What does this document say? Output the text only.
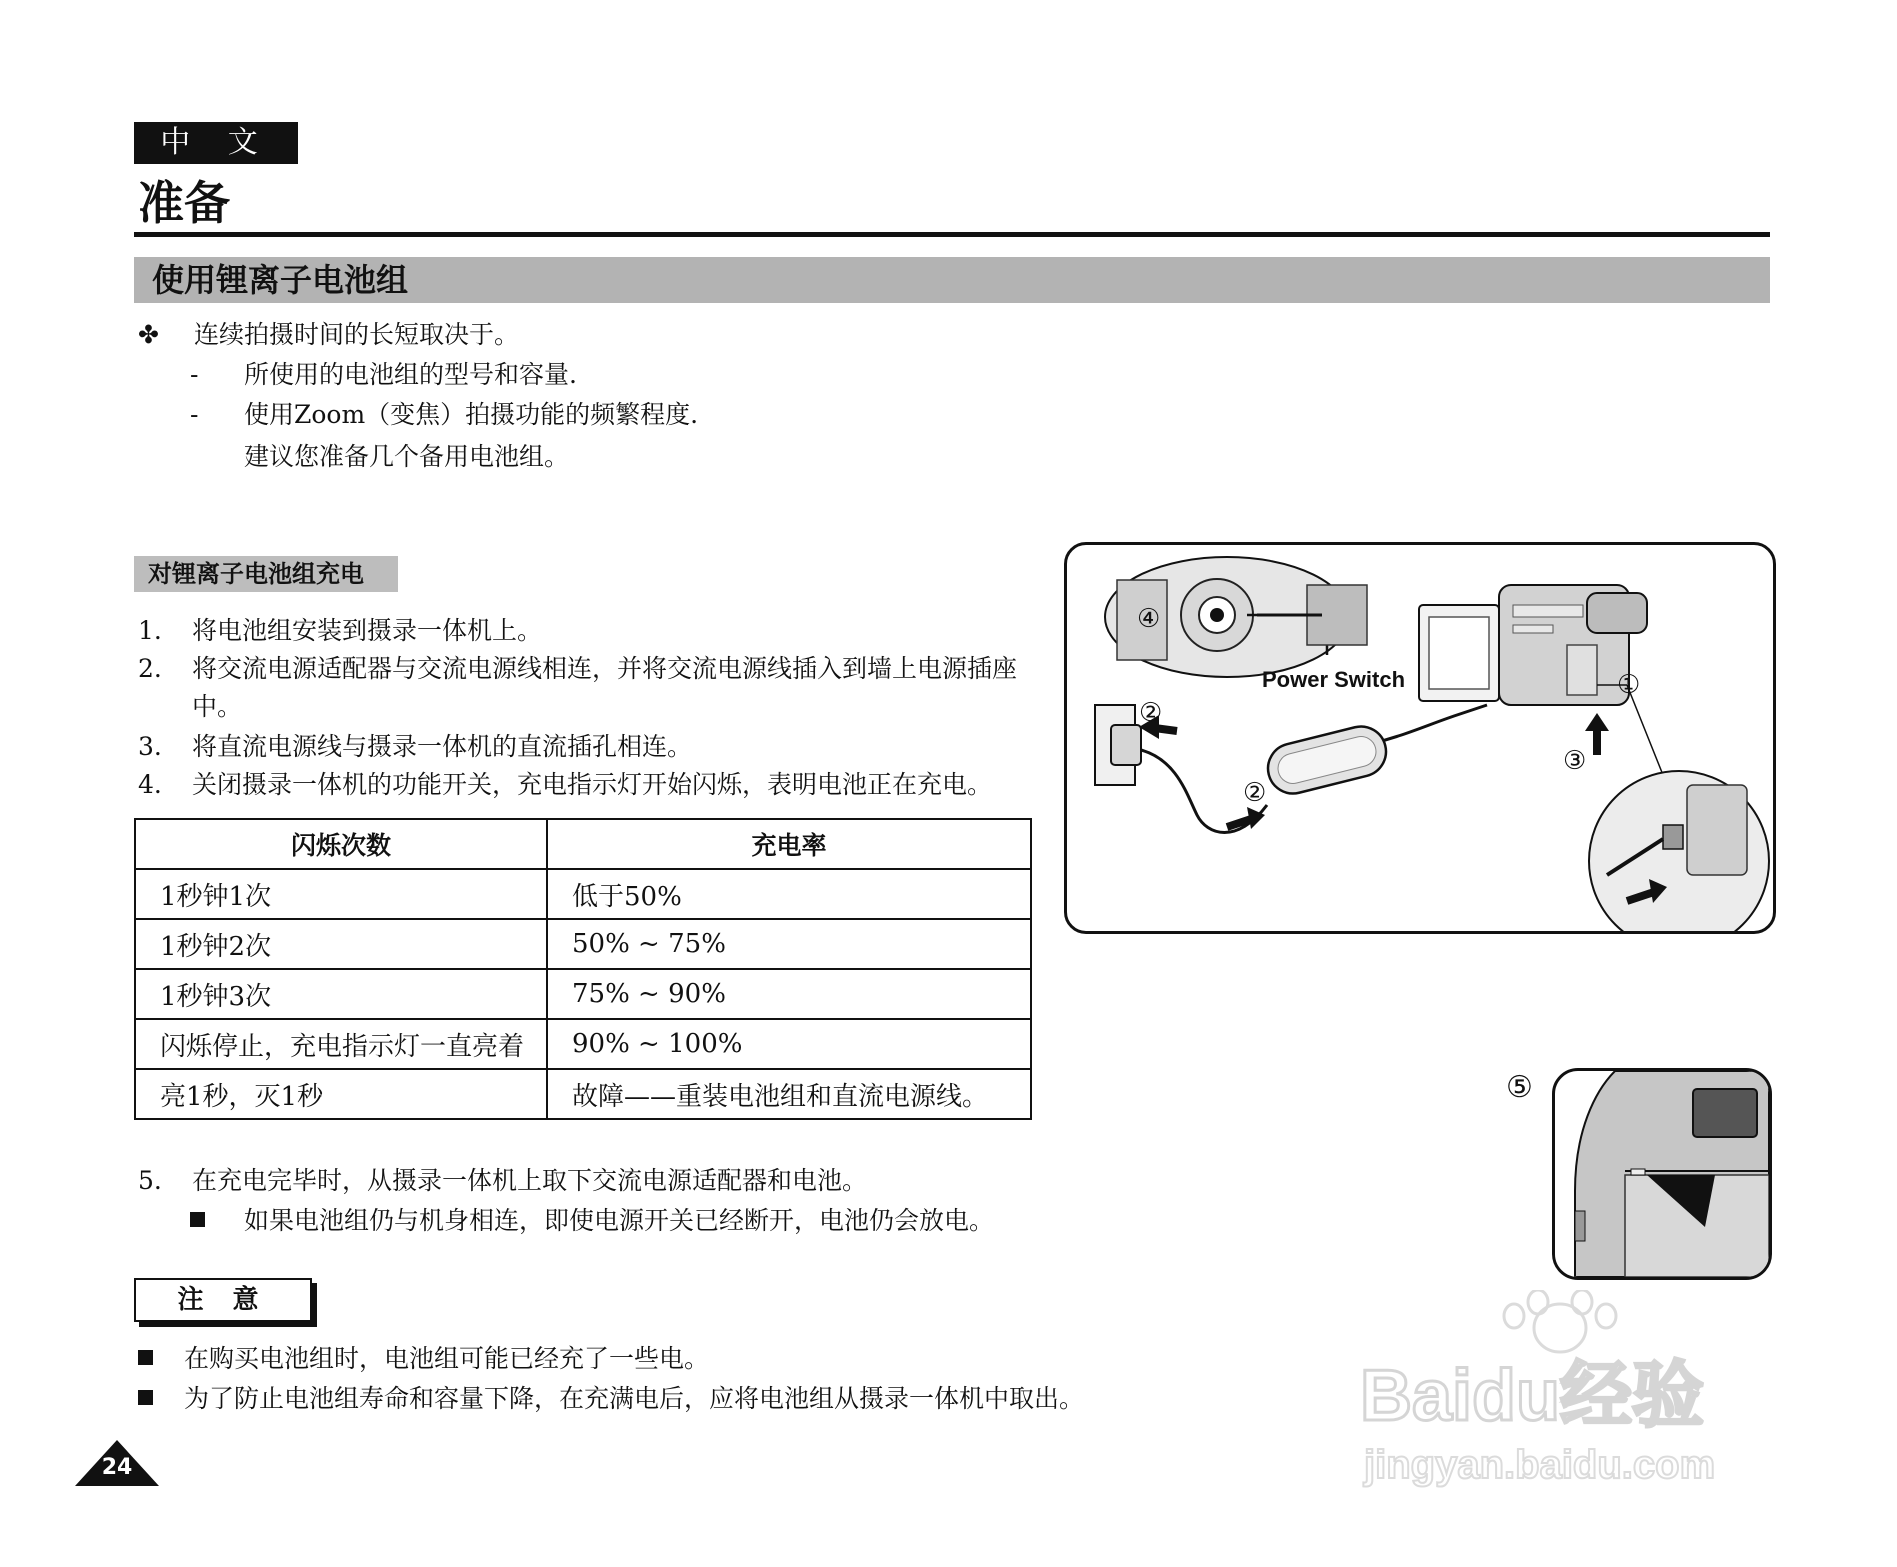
中 文
准备
使用锂离子电池组
✤ 连续拍摄时间的长短取决于。
- 所使用的电池组的型号和容量.
- 使用Zoom（变焦）拍摄功能的频繁程度.
建议您准备几个备用电池组。
对锂离子电池组充电
1. 将电池组安装到摄录一体机上。
2. 将交流电源适配器与交流电源线相连，并将交流电源线插入到墙上电源插座
中。
3. 将直流电源线与摄录一体机的直流插孔相连。
4. 关闭摄录一体机的功能开关，充电指示灯开始闪烁，表明电池正在充电。
闪烁次数	充电率
1秒钟1次	低于50%
1秒钟2次	50% ~ 75%
1秒钟3次	75% ~ 90%
闪烁停止，充电指示灯一直亮着	90% ~ 100%
亮1秒，灭1秒	故障——重装电池组和直流电源线。
5. 在充电完毕时，从摄录一体机上取下交流电源适配器和电池。
如果电池组仍与机身相连，即使电源开关已经断开，电池仍会放电。
注 意
在购买电池组时，电池组可能已经充了一些电。
为了防止电池组寿命和容量下降，在充满电后，应将电池组从摄录一体机中取出。
24
Power Switch
④
①
②
②
③
⑤
Baidu经验
jingyan.baidu.com
